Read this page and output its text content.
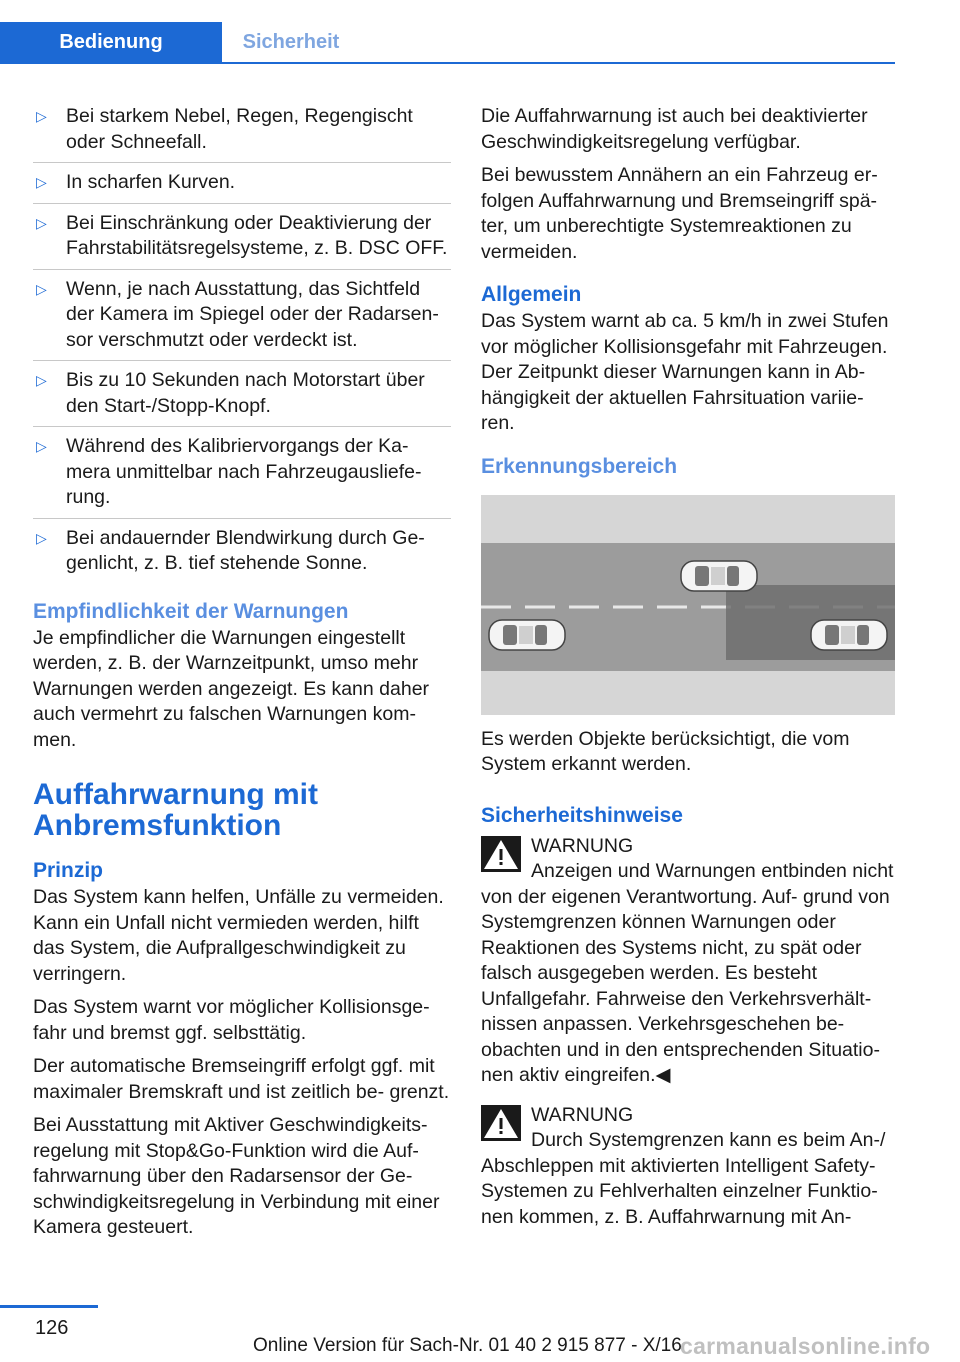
Bedienung	Sicherheit
▷ Bei starkem Nebel, Regen, Regengischt oder Schneefall.
▷ In scharfen Kurven.
▷ Bei Einschränkung oder Deaktivierung der Fahrstabilitätsregelsysteme, z. B. DSC OFF.
▷ Wenn, je nach Ausstattung, das Sichtfeld der Kamera im Spiegel oder der Radarsen‐ sor verschmutzt oder verdeckt ist.
▷ Bis zu 10 Sekunden nach Motorstart über den Start-/Stopp-Knopf.
▷ Während des Kalibriervorgangs der Ka‐ mera unmittelbar nach Fahrzeugausliefe‐ rung.
▷ Bei andauernder Blendwirkung durch Ge‐ genlicht, z. B. tief stehende Sonne.
Empfindlichkeit der Warnungen

Je empfindlicher die Warnungen eingestellt werden, z. B. der Warnzeitpunkt, umso mehr Warnungen werden angezeigt. Es kann daher auch vermehrt zu falschen Warnungen kom‐ men.

Auffahrwarnung mit Anbremsfunktion
Prinzip

Das System kann helfen, Unfälle zu vermeiden. Kann ein Unfall nicht vermieden werden, hilft das System, die Aufprallgeschwindigkeit zu verringern.

Das System warnt vor möglicher Kollisionsge‐ fahr und bremst ggf. selbsttätig.

Der automatische Bremseingriff erfolgt ggf. mit maximaler Bremskraft und ist zeitlich be‐ grenzt.

Bei Ausstattung mit Aktiver Geschwindigkeits‐ regelung mit Stop&Go-Funktion wird die Auf‐ fahrwarnung über den Radarsensor der Ge‐ schwindigkeitsregelung in Verbindung mit einer Kamera gesteuert.

Die Auffahrwarnung ist auch bei deaktivierter Geschwindigkeitsregelung verfügbar.

Bei bewusstem Annähern an ein Fahrzeug er‐ folgen Auffahrwarnung und Bremseingriff spä‐ ter, um unberechtigte Systemreaktionen zu vermeiden.

Allgemein

Das System warnt ab ca. 5 km/h in zwei Stufen vor möglicher Kollisionsgefahr mit Fahrzeugen. Der Zeitpunkt dieser Warnungen kann in Ab‐ hängigkeit der aktuellen Fahrsituation variie‐ ren.

Erkennungsbereich

Es werden Objekte berücksichtigt, die vom System erkannt werden.

Sicherheitshinweise
WARNUNG

Anzeigen und Warnungen entbinden nicht von der eigenen Verantwortung. Auf‐ grund von Systemgrenzen können Warnungen oder Reaktionen des Systems nicht, zu spät oder falsch ausgegeben werden. Es besteht Unfallgefahr. Fahrweise den Verkehrsverhält‐ nissen anpassen. Verkehrsgeschehen be‐ obachten und in den entsprechenden Situatio‐ nen aktiv eingreifen.◀

WARNUNG

Durch Systemgrenzen kann es beim An-/ Abschleppen mit aktivierten Intelligent Safety-Systemen zu Fehlverhalten einzelner Funktio‐ nen kommen, z. B. Auffahrwarnung mit An‐

126
Online Version für Sach-Nr. 01 40 2 915 877 - X/16
carmanualsonline.info
